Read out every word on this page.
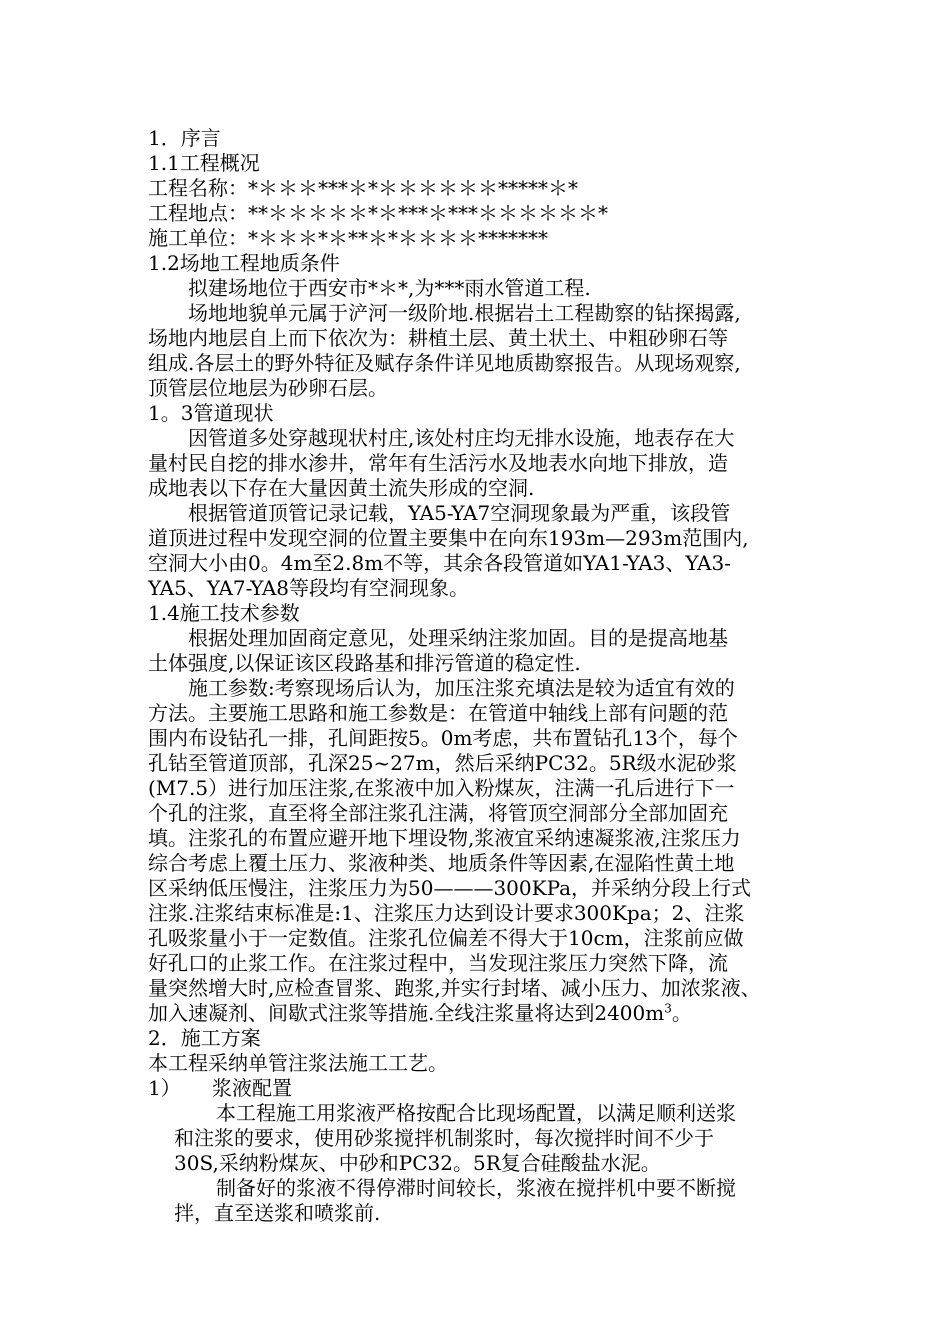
1．序言
1.1工程概况
工程名称：*＊＊＊***＊*＊＊＊＊＊＊*****＊*
工程地点：**＊＊＊＊＊*＊***＊***＊＊＊＊＊＊*
施工单位：*＊＊＊*＊**＊*＊＊＊＊*******
1.2场地工程地质条件
拟建场地位于西安市*＊*,为***雨水管道工程.
场地地貌单元属于浐河一级阶地.根据岩土工程勘察的钻探揭露,
场地内地层自上而下依次为：耕植土层、黄土状土、中粗砂卵石等
组成.各层土的野外特征及赋存条件详见地质勘察报告。从现场观察,
顶管层位地层为砂卵石层。
1。3管道现状
因管道多处穿越现状村庄,该处村庄均无排水设施，地表存在大
量村民自挖的排水渗井，常年有生活污水及地表水向地下排放，造
成地表以下存在大量因黄土流失形成的空洞.
根据管道顶管记录记载，YA5-YA7空洞现象最为严重，该段管
道顶进过程中发现空洞的位置主要集中在向东193m—293m范围内,
空洞大小由0。4m至2.8m不等，其余各段管道如YA1-YA3、YA3-
YA5、YA7-YA8等段均有空洞现象。
1.4施工技术参数
根据处理加固商定意见，处理采纳注浆加固。目的是提高地基
土体强度,以保证该区段路基和排污管道的稳定性.
施工参数:考察现场后认为，加压注浆充填法是较为适宜有效的
方法。主要施工思路和施工参数是：在管道中轴线上部有问题的范
围内布设钻孔一排，孔间距按5。0m考虑，共布置钻孔13个，每个
孔钻至管道顶部，孔深25~27m，然后采纳PC32。5R级水泥砂浆
(M7.5）进行加压注浆,在浆液中加入粉煤灰，注满一孔后进行下一
个孔的注浆，直至将全部注浆孔注满，将管顶空洞部分全部加固充
填。注浆孔的布置应避开地下埋设物,浆液宜采纳速凝浆液,注浆压力
综合考虑上覆土压力、浆液种类、地质条件等因素,在湿陷性黄土地
区采纳低压慢注，注浆压力为50———300KPa，并采纳分段上行式
注浆.注浆结束标准是:1、注浆压力达到设计要求300Kpa；2、注浆
孔吸浆量小于一定数值。注浆孔位偏差不得大于10cm，注浆前应做
好孔口的止浆工作。在注浆过程中，当发现注浆压力突然下降，流
量突然增大时,应检查冒浆、跑浆,并实行封堵、减小压力、加浓浆液、
加入速凝剂、间歇式注浆等措施.全线注浆量将达到$2400m^3$。
2．施工方案
本工程采纳单管注浆法施工工艺。
1） 浆液配置
本工程施工用浆液严格按配合比现场配置，以满足顺利送浆
和注浆的要求，使用砂浆搅拌机制浆时，每次搅拌时间不少于
30S,采纳粉煤灰、中砂和PC32。5R复合硅酸盐水泥。
制备好的浆液不得停滞时间较长，浆液在搅拌机中要不断搅
拌，直至送浆和喷浆前.
